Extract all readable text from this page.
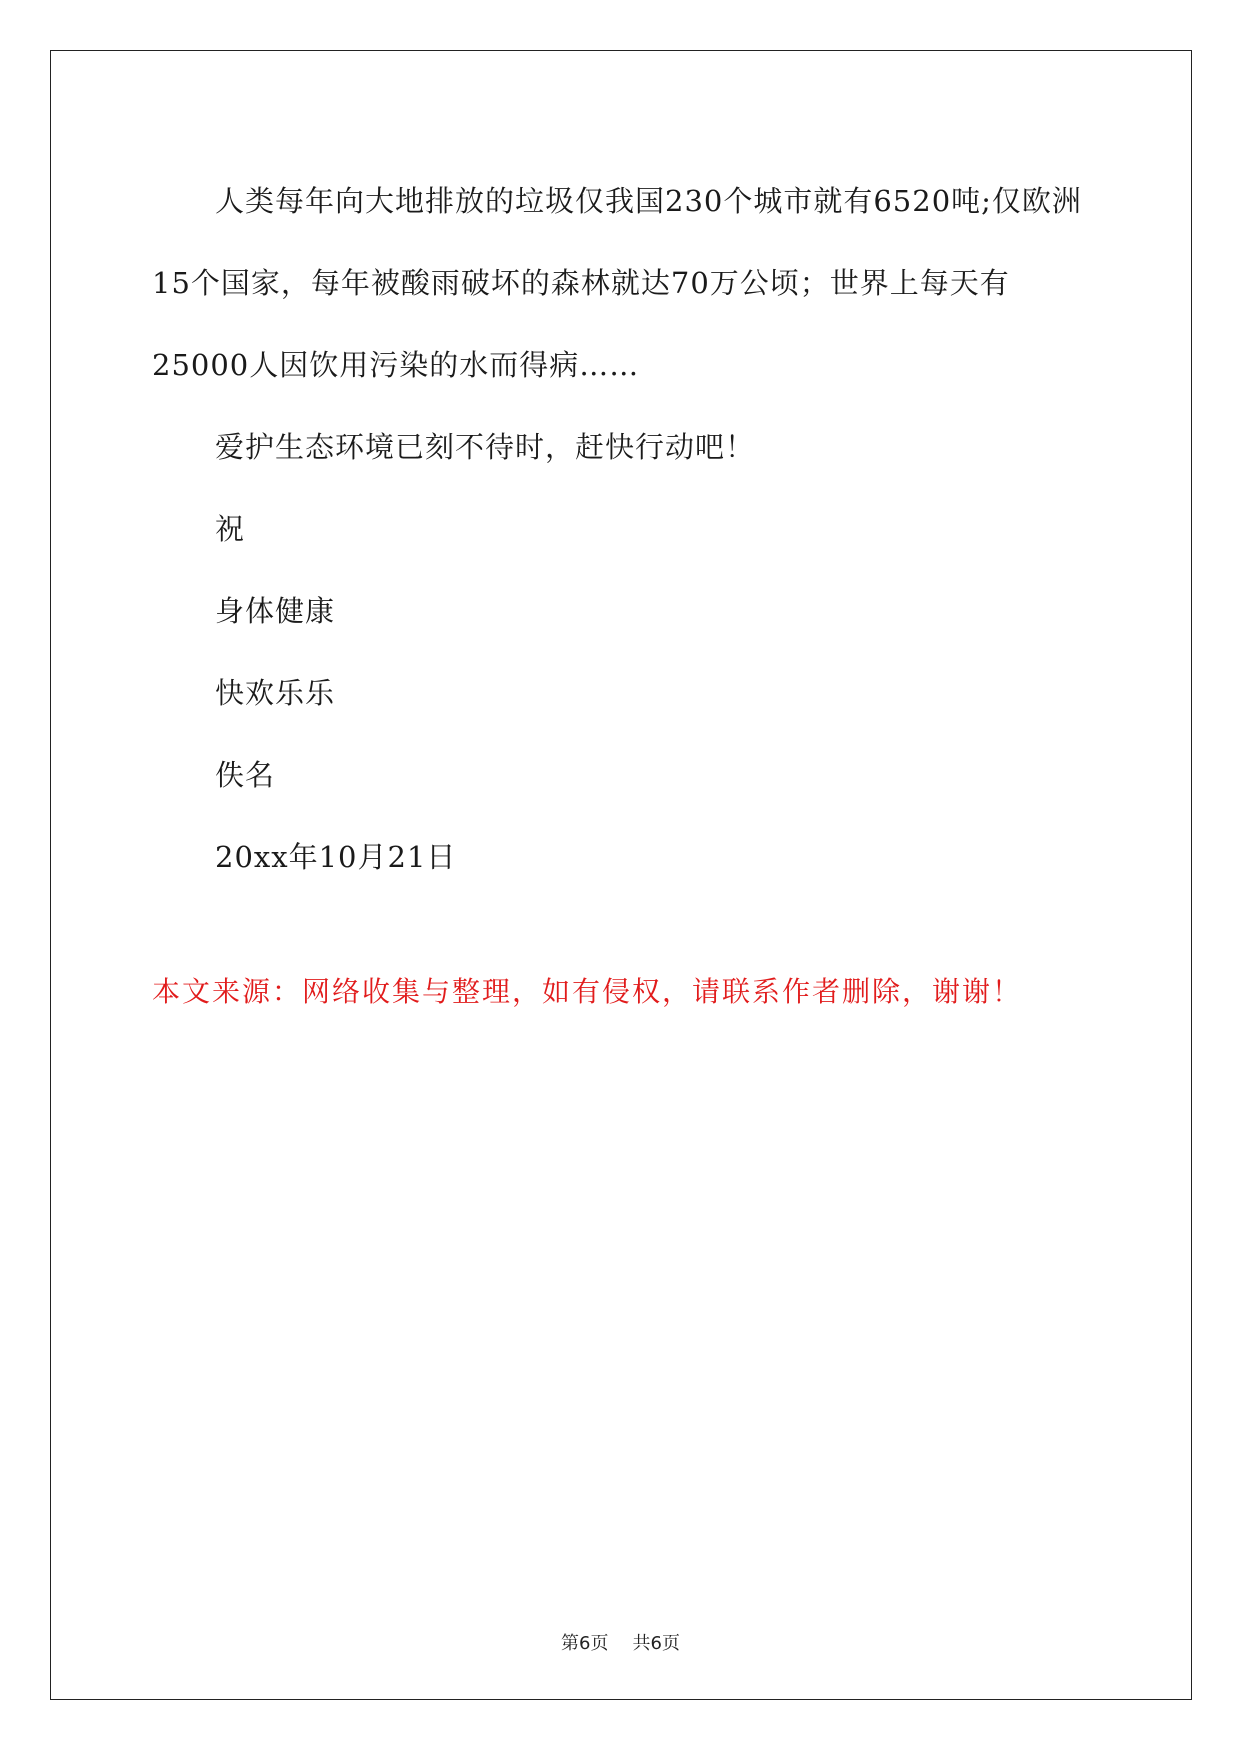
人类每年向大地排放的垃圾仅我国230个城市就有6520吨;仅欧洲15个国家，每年被酸雨破坏的森林就达70万公顷；世界上每天有25000人因饮用污染的水而得病……

爱护生态环境已刻不待时，赶快行动吧！

祝

身体健康

快欢乐乐

佚名

20xx年10月21日

本文来源：网络收集与整理，如有侵权，请联系作者删除，谢谢！

第6页 共6页
